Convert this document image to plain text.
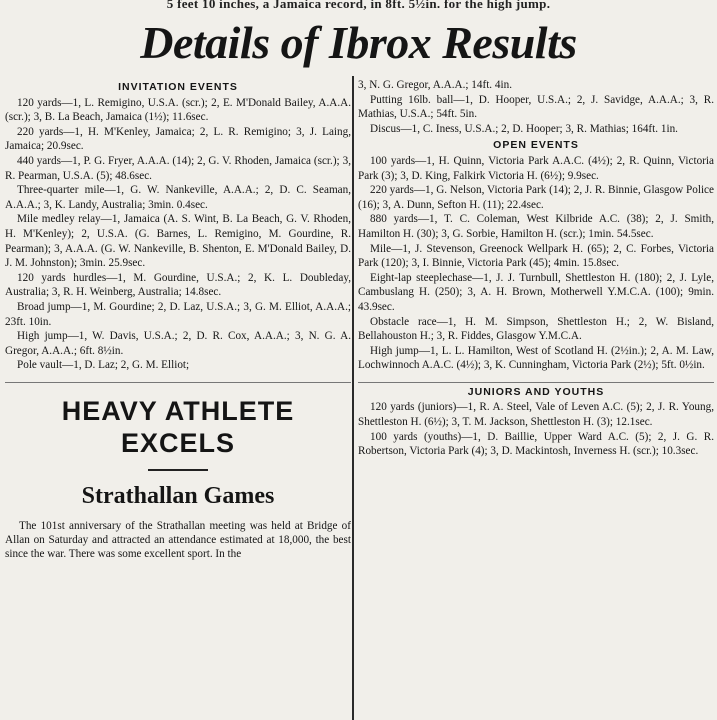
5 feet 10 inches, a Jamaica record, in 8ft. 5½in. for the high jump.
Details of Ibrox Results
INVITATION EVENTS

120 yards—1, L. Remigino, U.S.A. (scr.); 2, E. M'Donald Bailey, A.A.A. (scr.); 3, B. La Beach, Jamaica (1½); 11.6sec.

220 yards—1, H. M'Kenley, Jamaica; 2, L. R. Remigino; 3, J. Laing, Jamaica; 20.9sec.

440 yards—1, P. G. Fryer, A.A.A. (14); 2, G. V. Rhoden, Jamaica (scr.); 3, R. Pearman, U.S.A. (5); 48.6sec.

Three-quarter mile—1, G. W. Nankeville, A.A.A.; 2, D. C. Seaman, A.A.A.; 3, K. Landy, Australia; 3min. 0.4sec.

Mile medley relay—1, Jamaica (A. S. Wint, B. La Beach, G. V. Rhoden, H. M'Kenley); 2, U.S.A. (G. Barnes, L. Remigino, M. Gourdine, R. Pearman); 3, A.A.A. (G. W. Nankeville, B. Shenton, E. M'Donald Bailey, D. J. M. Johnston); 3min. 25.9sec.

120 yards hurdles—1, M. Gourdine, U.S.A.; 2, K. L. Doubleday, Australia; 3, R. H. Weinberg, Australia; 14.8sec.

Broad jump—1, M. Gourdine; 2, D. Laz, U.S.A.; 3, G. M. Elliot, A.A.A.; 23ft. 10in.

High jump—1, W. Davis, U.S.A.; 2, D. R. Cox, A.A.A.; 3, N. G. A. Gregor, A.A.A.; 6ft. 8½in.

Pole vault—1, D. Laz; 2, G. M. Elliot;

HEAVY ATHLETE
EXCELS
Strathallan Games

The 101st anniversary of the Strathallan meeting was held at Bridge of Allan on Saturday and attracted an attendance estimated at 18,000, the best since the war. There was some excellent sport. In the

3, N. G. Gregor, A.A.A.; 14ft. 4in.

Putting 16lb. ball—1, D. Hooper, U.S.A.; 2, J. Savidge, A.A.A.; 3, R. Mathias, U.S.A.; 54ft. 5in.

Discus—1, C. Iness, U.S.A.; 2, D. Hooper; 3, R. Mathias; 164ft. 1in.

OPEN EVENTS

100 yards—1, H. Quinn, Victoria Park A.A.C. (4½); 2, R. Quinn, Victoria Park (3); 3, D. King, Falkirk Victoria H. (6½); 9.9sec.

220 yards—1, G. Nelson, Victoria Park (14); 2, J. R. Binnie, Glasgow Police (16); 3, A. Dunn, Sefton H. (11); 22.4sec.

880 yards—1, T. C. Coleman, West Kilbride A.C. (38); 2, J. Smith, Hamilton H. (30); 3, G. Sorbie, Hamilton H. (scr.); 1min. 54.5sec.

Mile—1, J. Stevenson, Greenock Wellpark H. (65); 2, C. Forbes, Victoria Park (120); 3, I. Binnie, Victoria Park (45); 4min. 15.8sec.

Eight-lap steeplechase—1, J. J. Turnbull, Shettleston H. (180); 2, J. Lyle, Cambuslang H. (250); 3, A. H. Brown, Motherwell Y.M.C.A. (100); 9min. 43.9sec.

Obstacle race—1, H. M. Simpson, Shettleston H.; 2, W. Bisland, Bellahouston H.; 3, R. Fiddes, Glasgow Y.M.C.A.

High jump—1, L. L. Hamilton, West of Scotland H. (2½in.); 2, A. M. Law, Lochwinnoch A.A.C. (4½); 3, K. Cunningham, Victoria Park (2½); 5ft. 0½in.

JUNIORS AND YOUTHS

120 yards (juniors)—1, R. A. Steel, Vale of Leven A.C. (5); 2, J. R. Young, Shettleston H. (6½); 3, T. M. Jackson, Shettleston H. (3); 12.1sec.

100 yards (youths)—1, D. Baillie, Upper Ward A.C. (5); 2, J. G. R. Robertson, Victoria Park (4); 3, D. Mackintosh, Inverness H. (scr.); 10.3sec.
